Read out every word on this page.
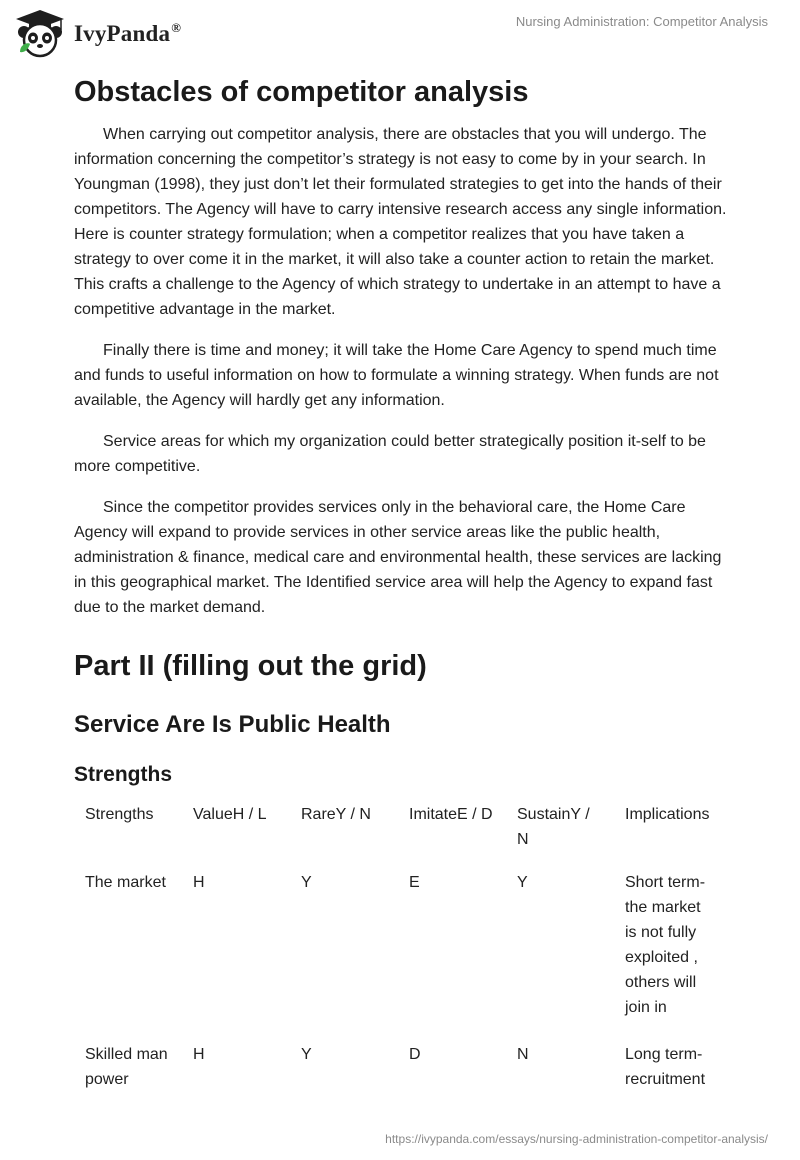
IvyPanda®	Nursing Administration: Competitor Analysis
Obstacles of competitor analysis

When carrying out competitor analysis, there are obstacles that you will undergo. The information concerning the competitor’s strategy is not easy to come by in your search. In Youngman (1998), they just don’t let their formulated strategies to get into the hands of their competitors. The Agency will have to carry intensive research access any single information. Here is counter strategy formulation; when a competitor realizes that you have taken a strategy to over come it in the market, it will also take a counter action to retain the market. This crafts a challenge to the Agency of which strategy to undertake in an attempt to have a competitive advantage in the market.

Finally there is time and money; it will take the Home Care Agency to spend much time and funds to useful information on how to formulate a winning strategy. When funds are not available, the Agency will hardly get any information.

Service areas for which my organization could better strategically position it-self to be more competitive.

Since the competitor provides services only in the behavioral care, the Home Care Agency will expand to provide services in other service areas like the public health, administration & finance, medical care and environmental health, these services are lacking in this geographical market. The Identified service area will help the Agency to expand fast due to the market demand.

Part II (filling out the grid)
Service Are Is Public Health
Strengths
Strengths	ValueH / L	RareY / N	ImitateE / D	SustainY / N	Implications
The market	H	Y	E	Y	Short term- the market is not fully exploited , others will join in
Skilled man power	H	Y	D	N	Long term- recruitment
https://ivypanda.com/essays/nursing-administration-competitor-analysis/
